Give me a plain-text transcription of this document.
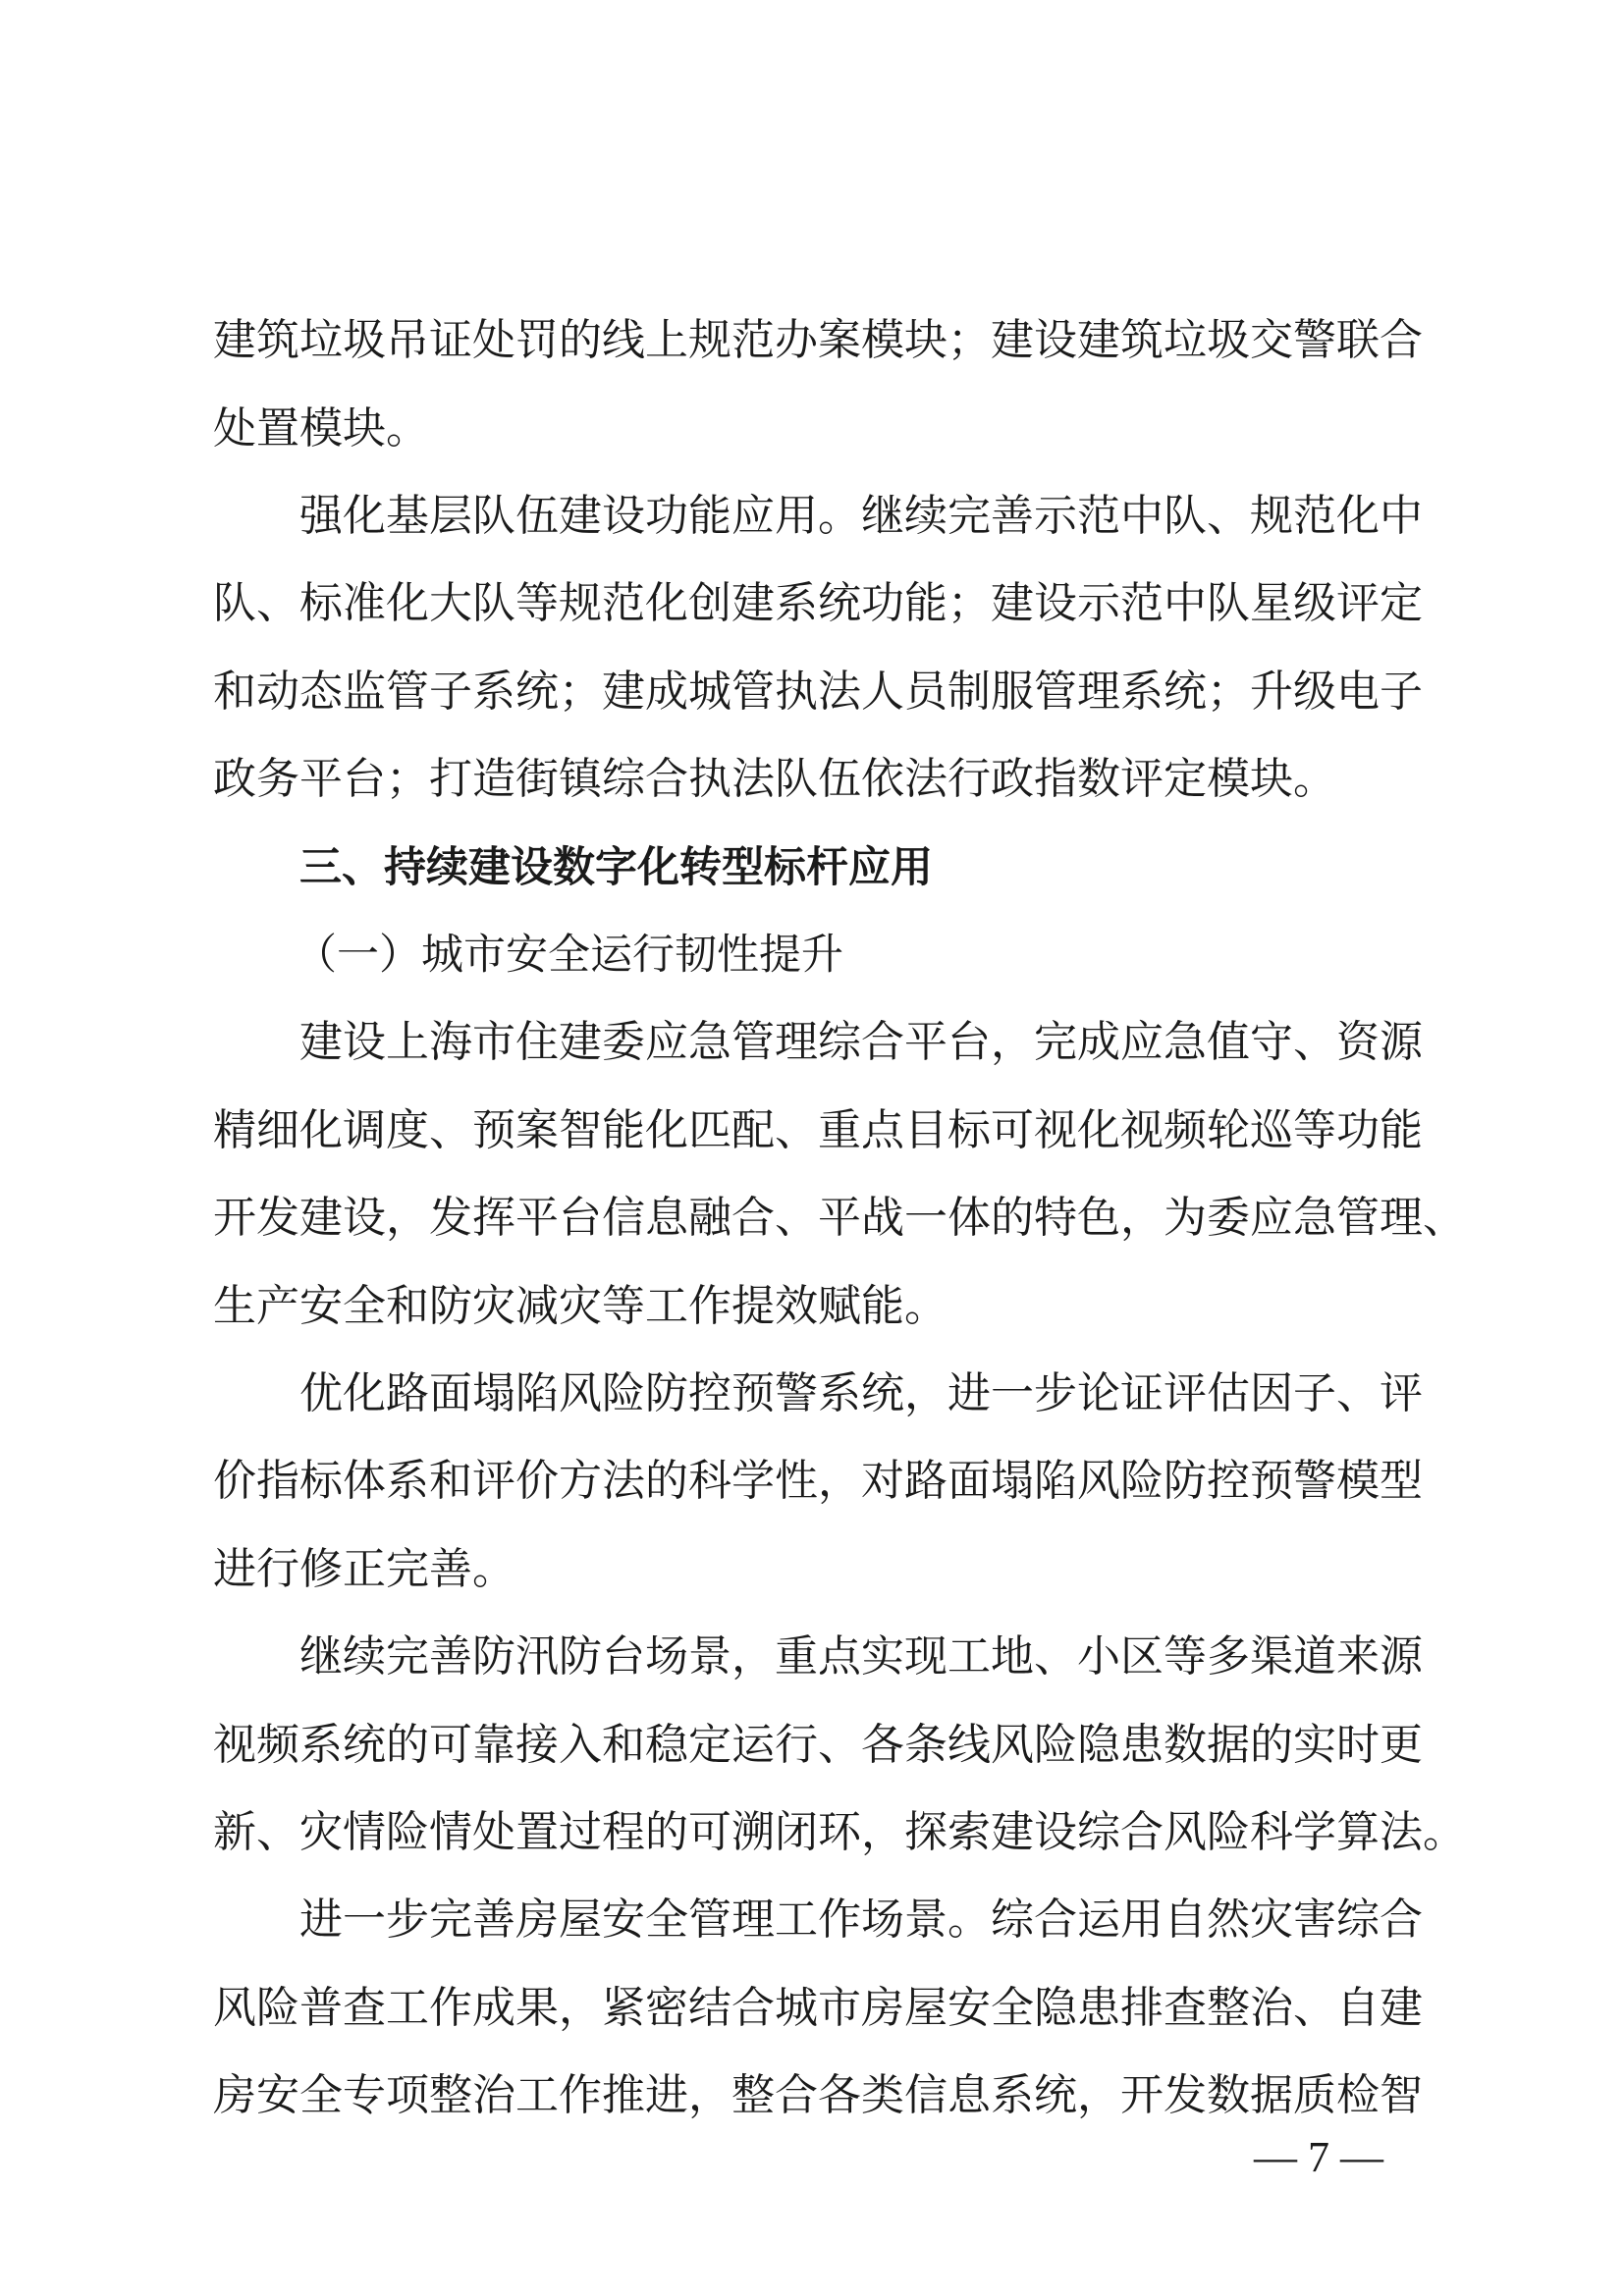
建筑垃圾吊证处罚的线上规范办案模块；建设建筑垃圾交警联合
处置模块。
强化基层队伍建设功能应用。继续完善示范中队、规范化中
队、标准化大队等规范化创建系统功能；建设示范中队星级评定
和动态监管子系统；建成城管执法人员制服管理系统；升级电子
政务平台；打造街镇综合执法队伍依法行政指数评定模块。
三、持续建设数字化转型标杆应用
（一）城市安全运行韧性提升
建设上海市住建委应急管理综合平台，完成应急值守、资源
精细化调度、预案智能化匹配、重点目标可视化视频轮巡等功能
开发建设，发挥平台信息融合、平战一体的特色，为委应急管理、
生产安全和防灾减灾等工作提效赋能。
优化路面塌陷风险防控预警系统，进一步论证评估因子、评
价指标体系和评价方法的科学性，对路面塌陷风险防控预警模型
进行修正完善。
继续完善防汛防台场景，重点实现工地、小区等多渠道来源
视频系统的可靠接入和稳定运行、各条线风险隐患数据的实时更
新、灾情险情处置过程的可溯闭环，探索建设综合风险科学算法。
进一步完善房屋安全管理工作场景。综合运用自然灾害综合
风险普查工作成果，紧密结合城市房屋安全隐患排查整治、自建
房安全专项整治工作推进，整合各类信息系统，开发数据质检智
— 7 —
